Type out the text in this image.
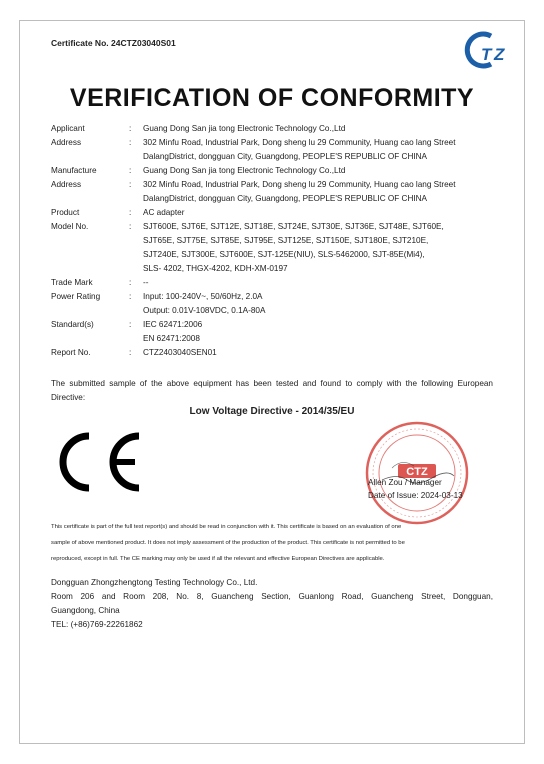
Certificate No. 24CTZ03040S01
T Z
VERIFICATION OF CONFORMITY
Applicant	:	Guang Dong San jia tong Electronic Technology Co.,Ltd
Address	:	302 Minfu Road, Industrial Park, Dong sheng lu 29 Community, Huang cao lang Street
DalangDistrict, dongguan City, Guangdong, PEOPLE'S REPUBLIC OF CHINA
Manufacture	:	Guang Dong San jia tong Electronic Technology Co.,Ltd
Address	:	302 Minfu Road, Industrial Park, Dong sheng lu 29 Community, Huang cao lang Street
DalangDistrict, dongguan City, Guangdong, PEOPLE'S REPUBLIC OF CHINA
Product	:	AC adapter
Model No.	:	SJT600E, SJT6E, SJT12E, SJT18E, SJT24E, SJT30E, SJT36E, SJT48E, SJT60E,
SJT65E, SJT75E, SJT85E, SJT95E, SJT125E, SJT150E, SJT180E, SJT210E,
SJT240E, SJT300E, SJT600E, SJT-125E(NIU), SLS-5462000, SJT-85E(Mi4),
SLS- 4202, THGX-4202, KDH-XM-0197
Trade Mark	:	--
Power Rating	:	Input: 100-240V~, 50/60Hz, 2.0A
Output: 0.01V-108VDC, 0.1A-80A
Standard(s)	:	IEC 62471:2006
EN 62471:2008
Report No.	:	CTZ2403040SEN01
The submitted sample of the above equipment has been tested and found to comply with the following European Directive:
Low Voltage Directive - 2014/35/EU
CTZ
Allen Zou / Manager
Date of Issue: 2024-03-13
This certificate is part of the full test report(s) and should be read in conjunction with it. This certificate is based on an evaluation of one
sample of above mentioned product. It does not imply assessment of the production of the product. This certificate is not permitted to be
reproduced, except in full. The CE marking may only be used if all the relevant and effective European Directives are applicable.
Dongguan Zhongzhengtong Testing Technology Co., Ltd.
Room 206 and Room 208, No. 8, Guancheng Section, Guanlong Road, Guancheng Street, Dongguan,
Guangdong, China
TEL: (+86)769-22261862
